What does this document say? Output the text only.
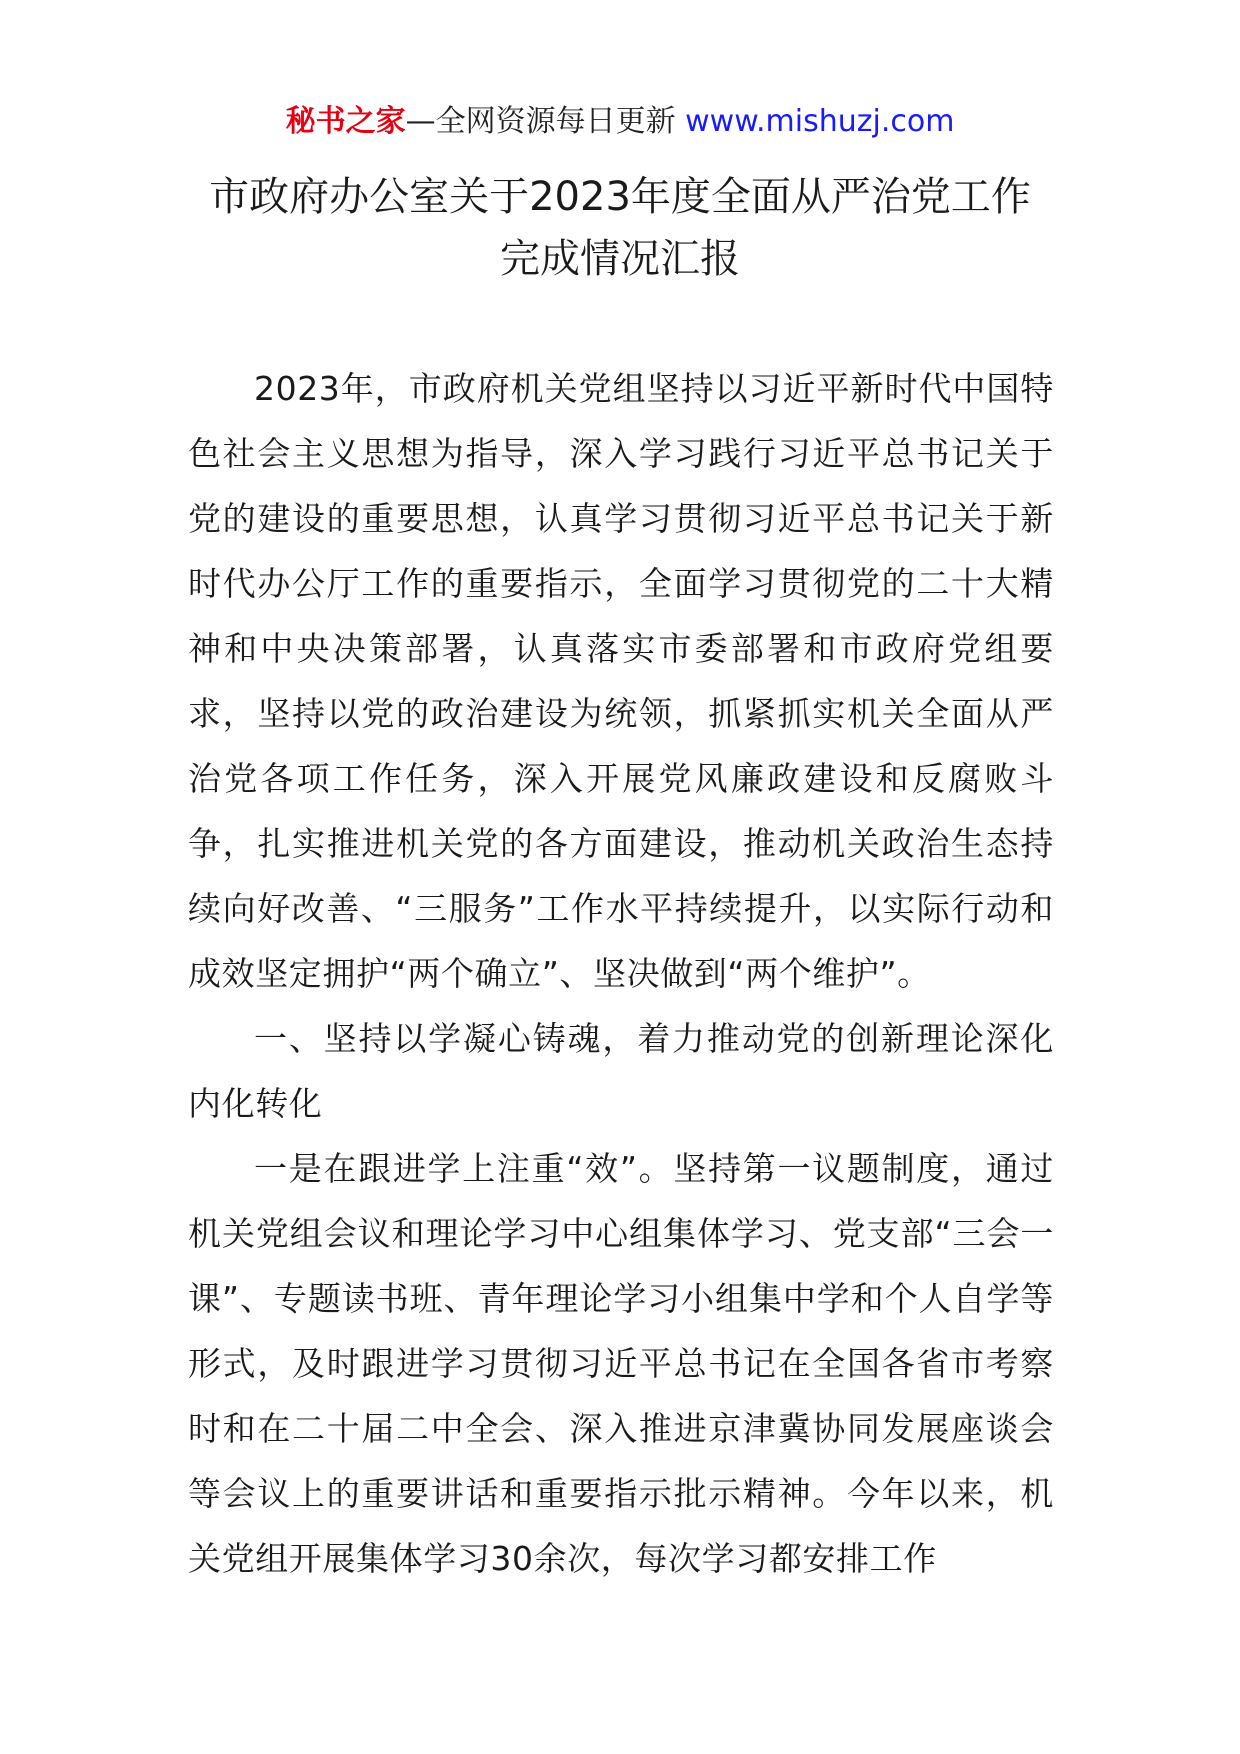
秘书之家—全网资源每日更新 www.mishuzj.com
市政府办公室关于2023年度全面从严治党工作
完成情况汇报

2023年，市政府机关党组坚持以习近平新时代中国特色社会主义思想为指导，深入学习践行习近平总书记关于党的建设的重要思想，认真学习贯彻习近平总书记关于新时代办公厅工作的重要指示，全面学习贯彻党的二十大精神和中央决策部署，认真落实市委部署和市政府党组要求，坚持以党的政治建设为统领，抓紧抓实机关全面从严治党各项工作任务，深入开展党风廉政建设和反腐败斗争，扎实推进机关党的各方面建设，推动机关政治生态持续向好改善、“三服务”工作水平持续提升，以实际行动和成效坚定拥护“两个确立”、坚决做到“两个维护”。

一、坚持以学凝心铸魂，着力推动党的创新理论深化内化转化

一是在跟进学上注重“效”。坚持第一议题制度，通过机关党组会议和理论学习中心组集体学习、党支部“三会一课”、专题读书班、青年理论学习小组集中学和个人自学等形式，及时跟进学习贯彻习近平总书记在全国各省市考察时和在二十届二中全会、深入推进京津冀协同发展座谈会等会议上的重要讲话和重要指示批示精神。今年以来，机关党组开展集体学习30余次，每次学习都安排工作
